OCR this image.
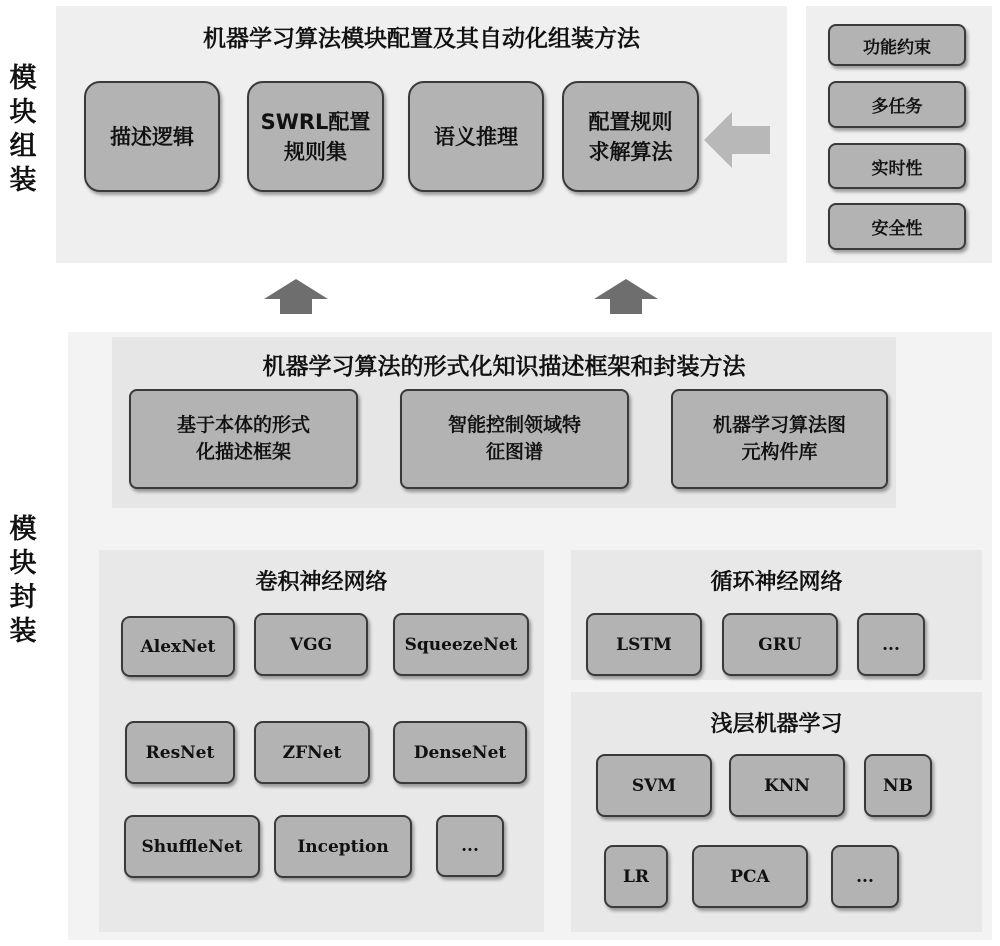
模 块 组 装
模 块 封 装
机器学习算法模块配置及其自动化组装方法
描述逻辑
SWRL配置
规则集
语义推理
配置规则
求解算法
功能约束
多任务
实时性
安全性
机器学习算法的形式化知识描述框架和封装方法
基于本体的形式
化描述框架
智能控制领域特
征图谱
机器学习算法图
元构件库
卷积神经网络
AlexNet	VGG	SqueezeNet
ResNet	ZFNet	DenseNet
ShuffleNet	Inception	...
循环神经网络
LSTM	GRU	...
浅层机器学习
SVM	KNN	NB
LR	PCA	...
